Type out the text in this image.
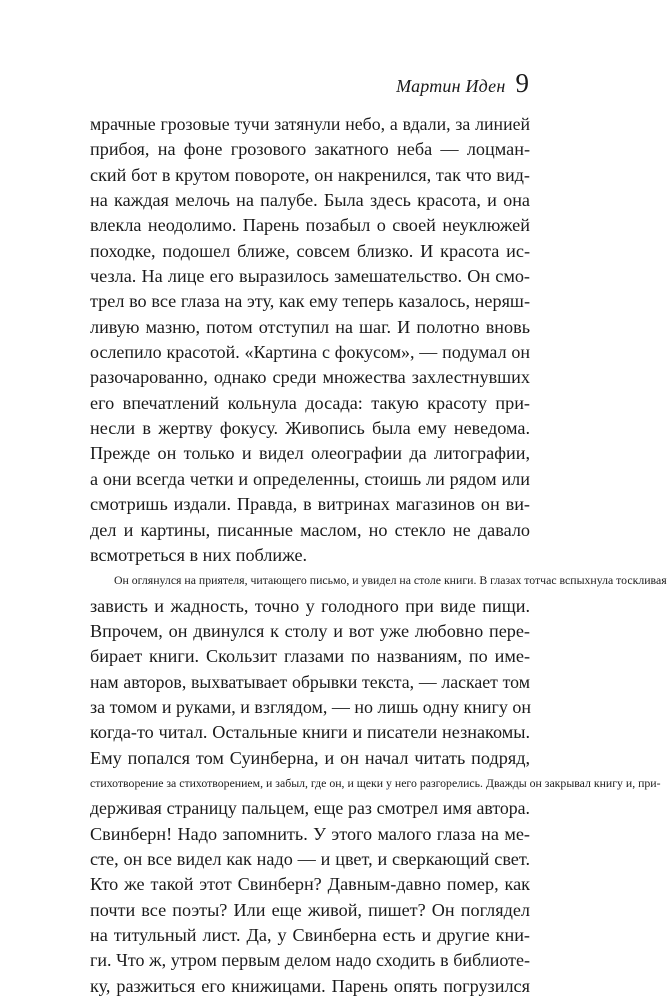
Мартин Иден 9
мрачные грозовые тучи затянули небо, а вдали, за линией
прибоя, на фоне грозового закатного неба — лоцман-
ский бот в крутом повороте, он накренился, так что вид-
на каждая мелочь на палубе. Была здесь красота, и она
влекла неодолимо. Парень позабыл о своей неуклюжей
походке, подошел ближе, совсем близко. И красота ис-
чезла. На лице его выразилось замешательство. Он смо-
трел во все глаза на эту, как ему теперь казалось, неряш-
ливую мазню, потом отступил на шаг. И полотно вновь
ослепило красотой. «Картина с фокусом», — подумал он
разочарованно, однако среди множества захлестнувших
его впечатлений кольнула досада: такую красоту при-
несли в жертву фокусу. Живопись была ему неведома.
Прежде он только и видел олеографии да литографии,
а они всегда четки и определенны, стоишь ли рядом или
смотришь издали. Правда, в витринах магазинов он ви-
дел и картины, писанные маслом, но стекло не давало
всмотреться в них поближе.
Он оглянулся на приятеля, читающего письмо, и увидел на столе книги. В глазах тотчас вспыхнула тоскливая
зависть и жадность, точно у голодного при виде пищи.
Впрочем, он двинулся к столу и вот уже любовно пере-
бирает книги. Скользит глазами по названиям, по име-
нам авторов, выхватывает обрывки текста, — ласкает том
за томом и руками, и взглядом, — но лишь одну книгу он
когда-то читал. Остальные книги и писатели незнакомы.
Ему попался том Суинберна, и он начал читать подряд,
стихотворение за стихотворением, и забыл, где он, и щеки у него разгорелись. Дважды он закрывал книгу и, при-
держивая страницу пальцем, еще раз смотрел имя автора.
Свинберн! Надо запомнить. У этого малого глаза на ме-
сте, он все видел как надо — и цвет, и сверкающий свет.
Кто же такой этот Свинберн? Давным-давно помер, как
почти все поэты? Или еще живой, пишет? Он поглядел
на титульный лист. Да, у Свинберна есть и другие кни-
ги. Что ж, утром первым делом надо сходить в библиоте-
ку, разжиться его книжицами. Парень опять погрузился
